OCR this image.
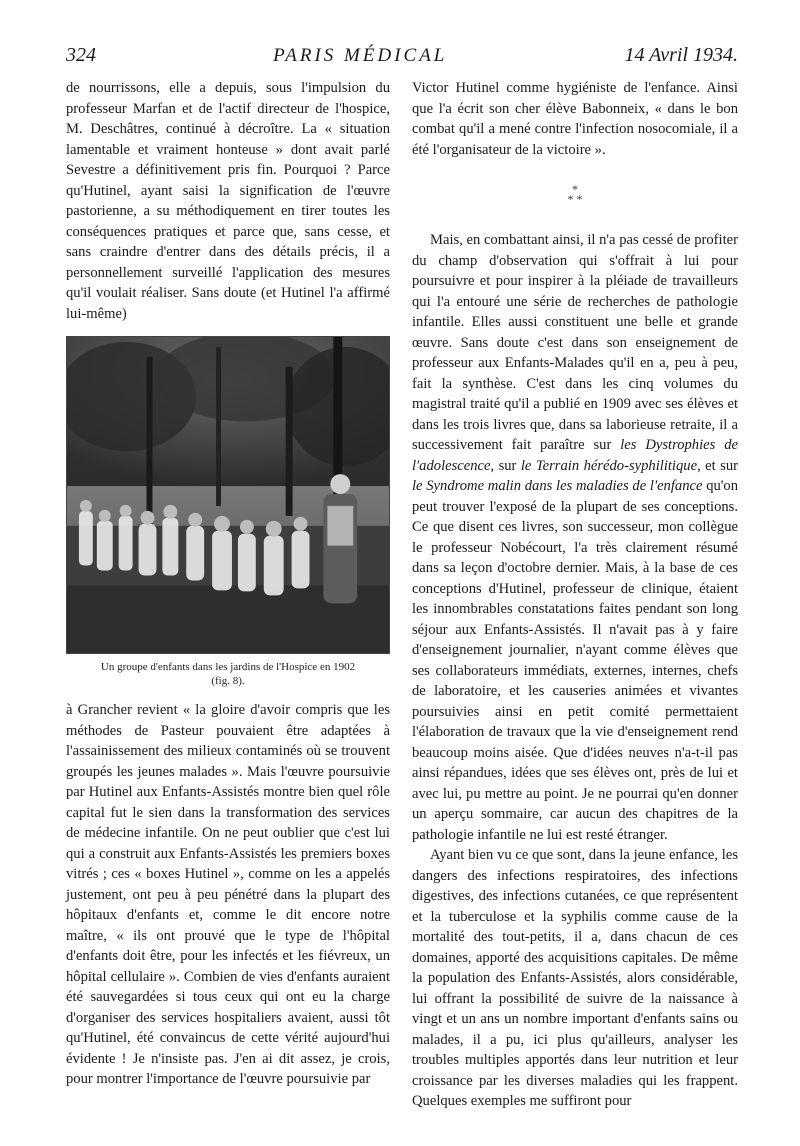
324	PARIS MÉDICAL	14 Avril 1934.

de nourrissons, elle a depuis, sous l'impulsion du professeur Marfan et de l'actif directeur de l'hospice, M. Deschâtres, continué à décroître. La « situation lamentable et vraiment honteuse » dont avait parlé Sevestre a définitivement pris fin. Pourquoi ? Parce qu'Hutinel, ayant saisi la signification de l'œuvre pastorienne, a su méthodiquement en tirer toutes les conséquences pratiques et parce que, sans cesse, et sans craindre d'entrer dans des détails précis, il a personnellement surveillé l'application des mesures qu'il voulait réaliser. Sans doute (et Hutinel l'a affirmé lui-même)

Un groupe d'enfants dans les jardins de l'Hospice en 1902
(fig. 8).

à Grancher revient « la gloire d'avoir compris que les méthodes de Pasteur pouvaient être adaptées à l'assainissement des milieux contaminés où se trouvent groupés les jeunes malades ». Mais l'œuvre poursuivie par Hutinel aux Enfants-Assistés montre bien quel rôle capital fut le sien dans la transformation des services de médecine infantile. On ne peut oublier que c'est lui qui a construit aux Enfants-Assistés les premiers boxes vitrés ; ces « boxes Hutinel », comme on les a appelés justement, ont peu à peu pénétré dans la plupart des hôpitaux d'enfants et, comme le dit encore notre maître, « ils ont prouvé que le type de l'hôpital d'enfants doit être, pour les infectés et les fiévreux, un hôpital cellulaire ». Combien de vies d'enfants auraient été sauvegardées si tous ceux qui ont eu la charge d'organiser des services hospitaliers avaient, aussi tôt qu'Hutinel, été convaincus de cette vérité aujourd'hui évidente ! Je n'insiste pas. J'en ai dit assez, je crois, pour montrer l'importance de l'œuvre poursuivie par

Victor Hutinel comme hygiéniste de l'enfance. Ainsi que l'a écrit son cher élève Babonneix, « dans le bon combat qu'il a mené contre l'infection nosocomiale, il a été l'organisateur de la victoire ».

*
* *

Mais, en combattant ainsi, il n'a pas cessé de profiter du champ d'observation qui s'offrait à lui pour poursuivre et pour inspirer à la pléiade de travailleurs qui l'a entouré une série de recherches de pathologie infantile. Elles aussi constituent une belle et grande œuvre. Sans doute c'est dans son enseignement de professeur aux Enfants-Malades qu'il en a, peu à peu, fait la synthèse. C'est dans les cinq volumes du magistral traité qu'il a publié en 1909 avec ses élèves et dans les trois livres que, dans sa laborieuse retraite, il a successivement fait paraître sur les Dystrophies de l'adolescence, sur le Terrain hérédo-syphilitique, et sur le Syndrome malin dans les maladies de l'enfance qu'on peut trouver l'exposé de la plupart de ses conceptions. Ce que disent ces livres, son successeur, mon collègue le professeur Nobécourt, l'a très clairement résumé dans sa leçon d'octobre dernier. Mais, à la base de ces conceptions d'Hutinel, professeur de clinique, étaient les innombrables constatations faites pendant son long séjour aux Enfants-Assistés. Il n'avait pas à y faire d'enseignement journalier, n'ayant comme élèves que ses collaborateurs immédiats, externes, internes, chefs de laboratoire, et les causeries animées et vivantes poursuivies ainsi en petit comité permettaient l'élaboration de travaux que la vie d'enseignement rend beaucoup moins aisée. Que d'idées neuves n'a-t-il pas ainsi répandues, idées que ses élèves ont, près de lui et avec lui, pu mettre au point. Je ne pourrai qu'en donner un aperçu sommaire, car aucun des chapitres de la pathologie infantile ne lui est resté étranger.

Ayant bien vu ce que sont, dans la jeune enfance, les dangers des infections respiratoires, des infections digestives, des infections cutanées, ce que représentent et la tuberculose et la syphilis comme cause de la mortalité des tout-petits, il a, dans chacun de ces domaines, apporté des acquisitions capitales. De même la population des Enfants-Assistés, alors considérable, lui offrant la possibilité de suivre de la naissance à vingt et un ans un nombre important d'enfants sains ou malades, il a pu, ici plus qu'ailleurs, analyser les troubles multiples apportés dans leur nutrition et leur croissance par les diverses maladies qui les frappent. Quelques exemples me suffiront pour
